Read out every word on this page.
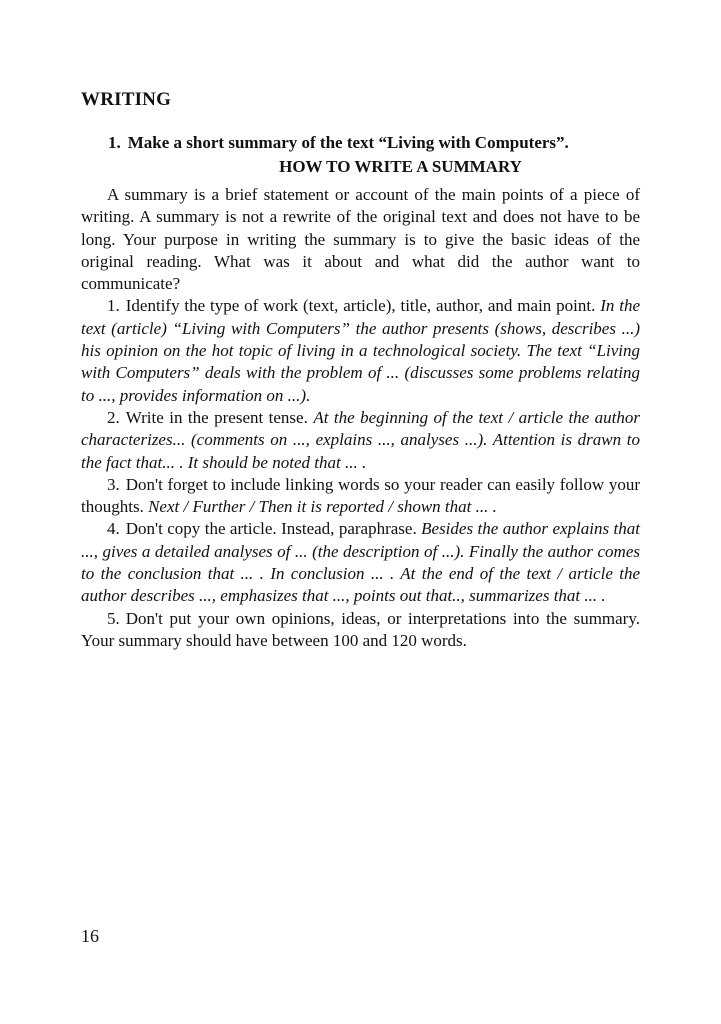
WRITING

1. Make a short summary of the text “Living with Computers”.

HOW TO WRITE A SUMMARY

A summary is a brief statement or account of the main points of a piece of writing. A summary is not a rewrite of the original text and does not have to be long. Your purpose in writing the summary is to give the basic ideas of the original reading. What was it about and what did the author want to communicate?

1. Identify the type of work (text, article), title, author, and main point. In the text (article) “Living with Computers” the author presents (shows, describes ...) his opinion on the hot topic of living in a technological society. The text “Living with Computers” deals with the problem of ... (discusses some problems relating to ..., provides information on ...).

2. Write in the present tense. At the beginning of the text / article the author characterizes... (comments on ..., explains ..., analyses ...). Attention is drawn to the fact that... . It should be noted that ... .

3. Don't forget to include linking words so your reader can easily follow your thoughts. Next / Further / Then it is reported / shown that ... .

4. Don't copy the article. Instead, paraphrase. Besides the author explains that ..., gives a detailed analyses of ... (the description of ...). Finally the author comes to the conclusion that ... . In conclusion ... . At the end of the text / article the author describes ..., emphasizes that ..., points out that.., summarizes that ... .

5. Don't put your own opinions, ideas, or interpretations into the summary. Your summary should have between 100 and 120 words.

16
